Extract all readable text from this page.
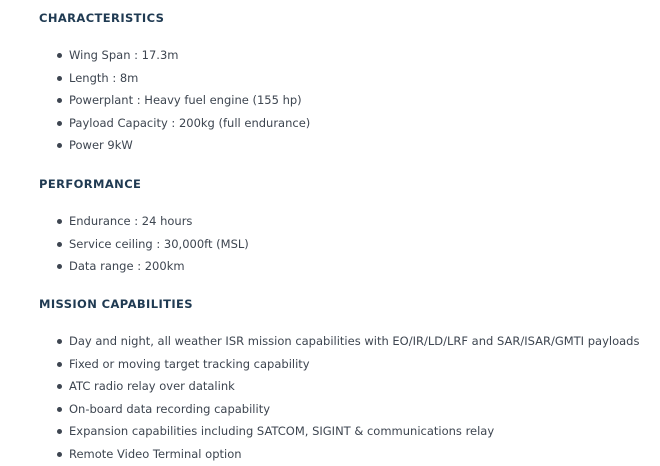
CHARACTERISTICS
Wing Span : 17.3m
Length : 8m
Powerplant : Heavy fuel engine (155 hp)
Payload Capacity : 200kg (full endurance)
Power 9kW
PERFORMANCE
Endurance : 24 hours
Service ceiling : 30,000ft (MSL)
Data range : 200km
MISSION CAPABILITIES
Day and night, all weather ISR mission capabilities with EO/IR/LD/LRF and SAR/ISAR/GMTI payloads
Fixed or moving target tracking capability
ATC radio relay over datalink
On-board data recording capability
Expansion capabilities including SATCOM, SIGINT & communications relay
Remote Video Terminal option
